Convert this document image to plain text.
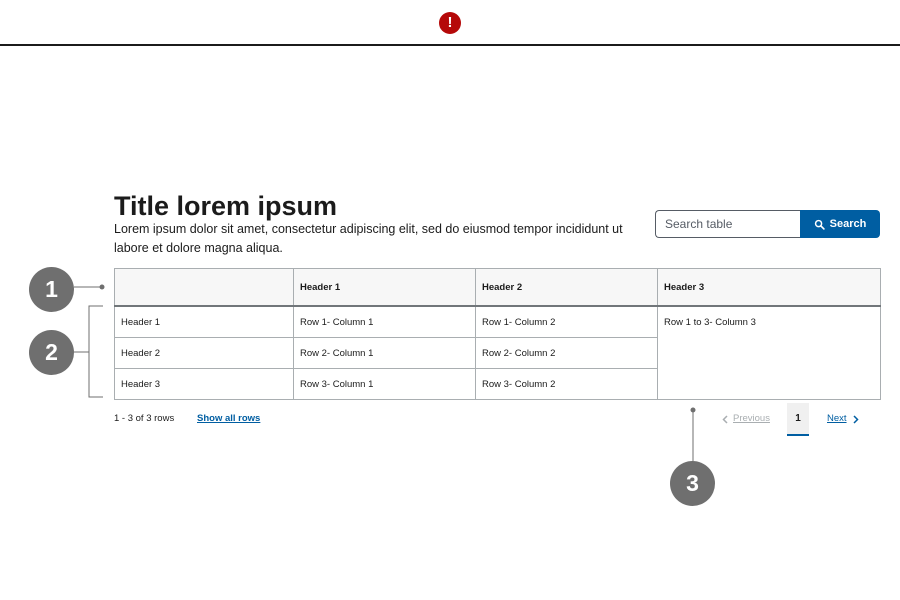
!
Title lorem ipsum

Lorem ipsum dolor sit amet, consectetur adipiscing elit, sed do eiusmod tempor incididunt ut labore et dolore magna aliqua.

Search table
Search
	Header 1	Header 2	Header 3
Header 1	Row 1- Column 1	Row 1- Column 2	Row 1 to 3- Column 3
Header 2	Row 2- Column 1	Row 2- Column 2	
Header 3	Row 3- Column 1	Row 3- Column 2	
1 - 3 of 3 rows Show all rows	Previous	1	Next
1
2
3
